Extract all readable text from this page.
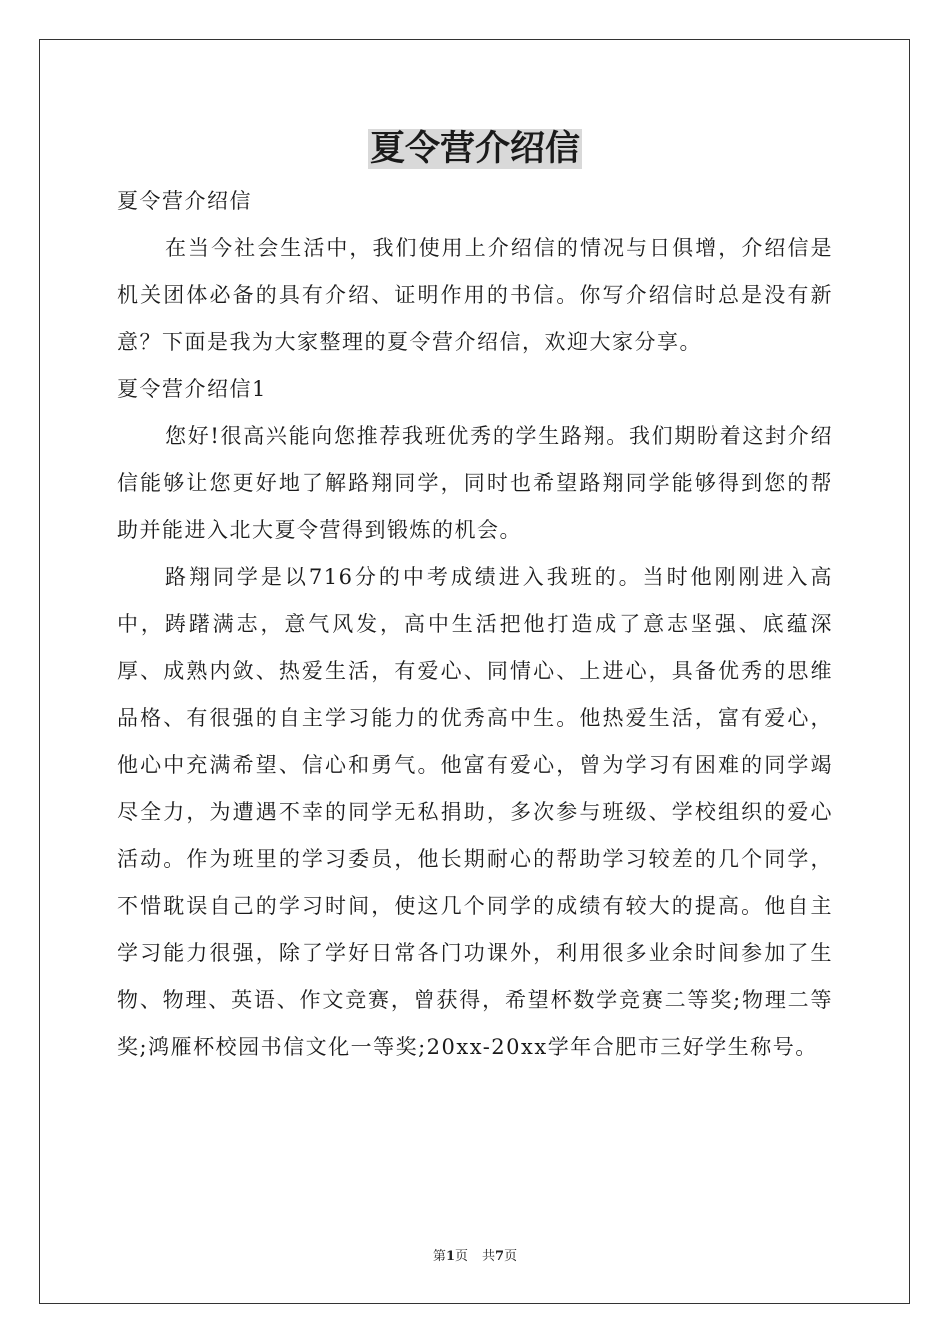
夏令营介绍信

夏令营介绍信

在当今社会生活中，我们使用上介绍信的情况与日俱增，介绍信是机关团体必备的具有介绍、证明作用的书信。你写介绍信时总是没有新意？下面是我为大家整理的夏令营介绍信，欢迎大家分享。

夏令营介绍信1

您好!很高兴能向您推荐我班优秀的学生路翔。我们期盼着这封介绍信能够让您更好地了解路翔同学，同时也希望路翔同学能够得到您的帮助并能进入北大夏令营得到锻炼的机会。

路翔同学是以716分的中考成绩进入我班的。当时他刚刚进入高中，踌躇满志，意气风发，高中生活把他打造成了意志坚强、底蕴深厚、成熟内敛、热爱生活，有爱心、同情心、上进心，具备优秀的思维品格、有很强的自主学习能力的优秀高中生。他热爱生活，富有爱心，他心中充满希望、信心和勇气。他富有爱心，曾为学习有困难的同学竭尽全力，为遭遇不幸的同学无私捐助，多次参与班级、学校组织的爱心活动。作为班里的学习委员，他长期耐心的帮助学习较差的几个同学，不惜耽误自己的学习时间，使这几个同学的成绩有较大的提高。他自主学习能力很强，除了学好日常各门功课外，利用很多业余时间参加了生物、物理、英语、作文竞赛，曾获得，希望杯数学竞赛二等奖;物理二等奖;鸿雁杯校园书信文化一等奖;20xx-20xx学年合肥市三好学生称号。

第1页 共7页
